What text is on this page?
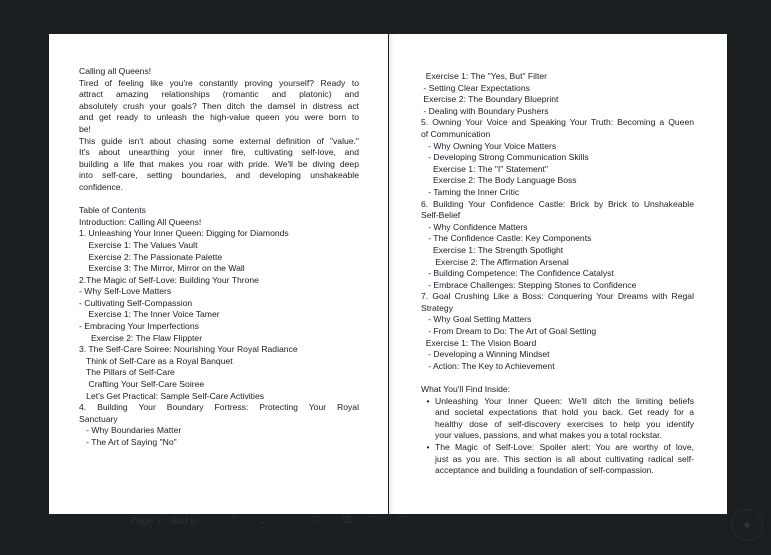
Calling all Queens!
Tired of feeling like you're constantly proving yourself? Ready to
attract amazing relationships (romantic and platonic) and
absolutely crush your goals? Then ditch the damsel in distress act
and get ready to unleash the high-value queen you were born to
be!
This guide isn't about chasing some external definition of "value."
It's about unearthing your inner fire, cultivating self-love, and
building a life that makes you roar with pride. We'll be diving deep
into self-care, setting boundaries, and developing unshakeable
confidence.
Table of Contents
Introduction: Calling All Queens!
1. Unleashing Your Inner Queen: Digging for Diamonds
Exercise 1: The Values Vault
Exercise 2: The Passionate Palette
Exercise 3: The Mirror, Mirror on the Wall
2.The Magic of Self-Love: Building Your Throne
- Why Self-Love Matters
- Cultivating Self-Compassion
Exercise 1: The Inner Voice Tamer
- Embracing Your Imperfections
Exercise 2: The Flaw Flippter
3. The Self-Care Soiree: Nourishing Your Royal Radiance
Think of Self-Care as a Royal Banquet
The Pillars of Self-Care
Crafting Your Self-Care Soiree
Let's Get Practical: Sample Self-Care Activities
4. Building Your Boundary Fortress: Protecting Your Royal
Sanctuary
- Why Boundaries Matter
- The Art of Saying "No"
Exercise 1: The "Yes, But" Filter
- Setting Clear Expectations
Exercise 2: The Boundary Blueprint
- Dealing with Boundary Pushers
5. Owning Your Voice and Speaking Your Truth: Becoming a Queen
of Communication
- Why Owning Your Voice Matters
- Developing Strong Communication Skills
Exercise 1: The "I" Statement"
Exercise 2: The Body Language Boss
- Taming the Inner Critic
6. Building Your Confidence Castle: Brick by Brick to Unshakeable
Self-Belief
- Why Confidence Matters
- The Confidence Castle: Key Components
Exercise 1: The Strength Spotlight
Exercise 2: The Affirmation Arsenal
- Building Competence: The Confidence Catalyst
- Embrace Challenges: Stepping Stones to Confidence
7. Goal Crushing Like a Boss: Conquering Your Dreams with Regal
Strategy
- Why Goal Setting Matters
- From Dream to Do: The Art of Goal Setting
Exercise 1: The Vision Board
- Developing a Winning Mindset
- Action: The Key to Achievement
What You'll Find Inside:
• Unleashing Your Inner Queen: We'll ditch the limiting beliefs
and societal expectations that hold you back. Get ready for a
healthy dose of self-discovery exercises to help you identify
your values, passions, and what makes you a total rockstar.
• The Magic of Self-Love: Spoiler alert: You are worthy of love,
just as you are. This section is all about cultivating radical self-
acceptance and building a foundation of self-compassion.
Page 2 - Add p... ⌃ ⌄	□ ⧉ □ □	✦
